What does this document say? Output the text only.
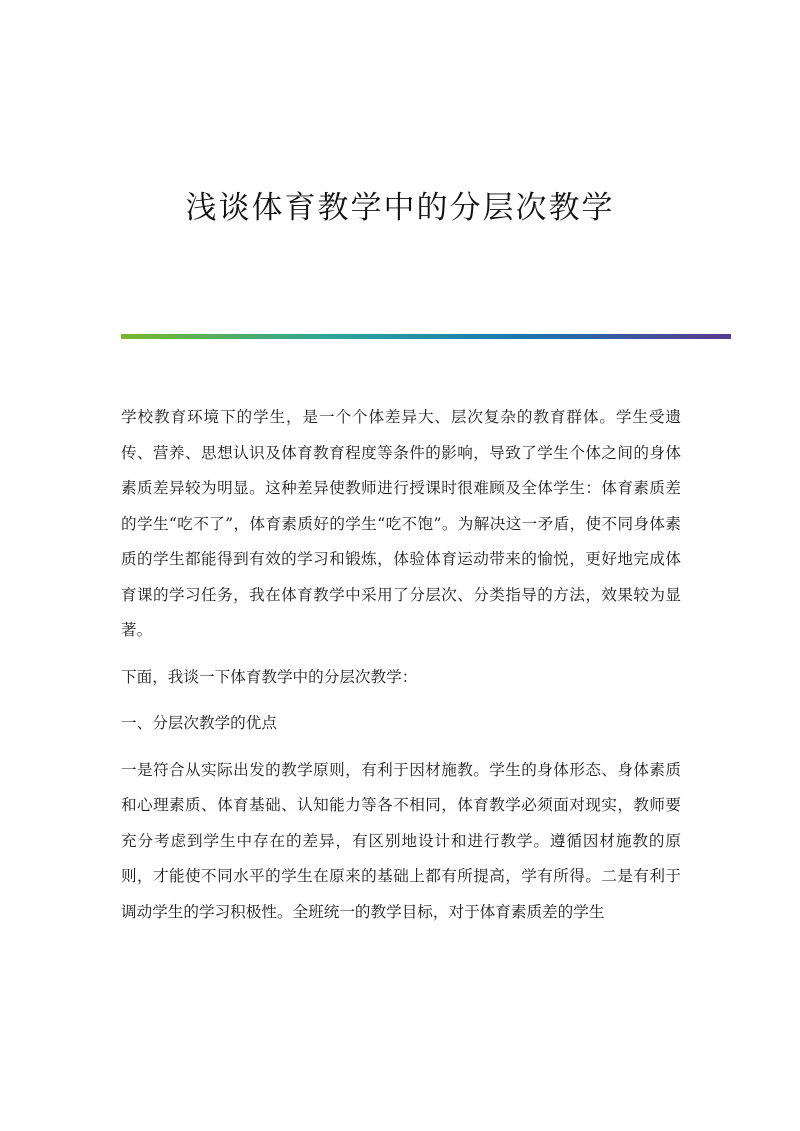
浅谈体育教学中的分层次教学

学校教育环境下的学生，是一个个体差异大、层次复杂的教育群体。学生受遗传、营养、思想认识及体育教育程度等条件的影响，导致了学生个体之间的身体素质差异较为明显。这种差异使教师进行授课时很难顾及全体学生：体育素质差的学生“吃不了”，体育素质好的学生“吃不饱”。为解决这一矛盾，使不同身体素质的学生都能得到有效的学习和锻炼，体验体育运动带来的愉悦，更好地完成体育课的学习任务，我在体育教学中采用了分层次、分类指导的方法，效果较为显著。

下面，我谈一下体育教学中的分层次教学：

一、分层次教学的优点

一是符合从实际出发的教学原则，有利于因材施教。学生的身体形态、身体素质和心理素质、体育基础、认知能力等各不相同，体育教学必须面对现实，教师要充分考虑到学生中存在的差异，有区别地设计和进行教学。遵循因材施教的原则，才能使不同水平的学生在原来的基础上都有所提高，学有所得。二是有利于调动学生的学习积极性。全班统一的教学目标，对于体育素质差的学生
